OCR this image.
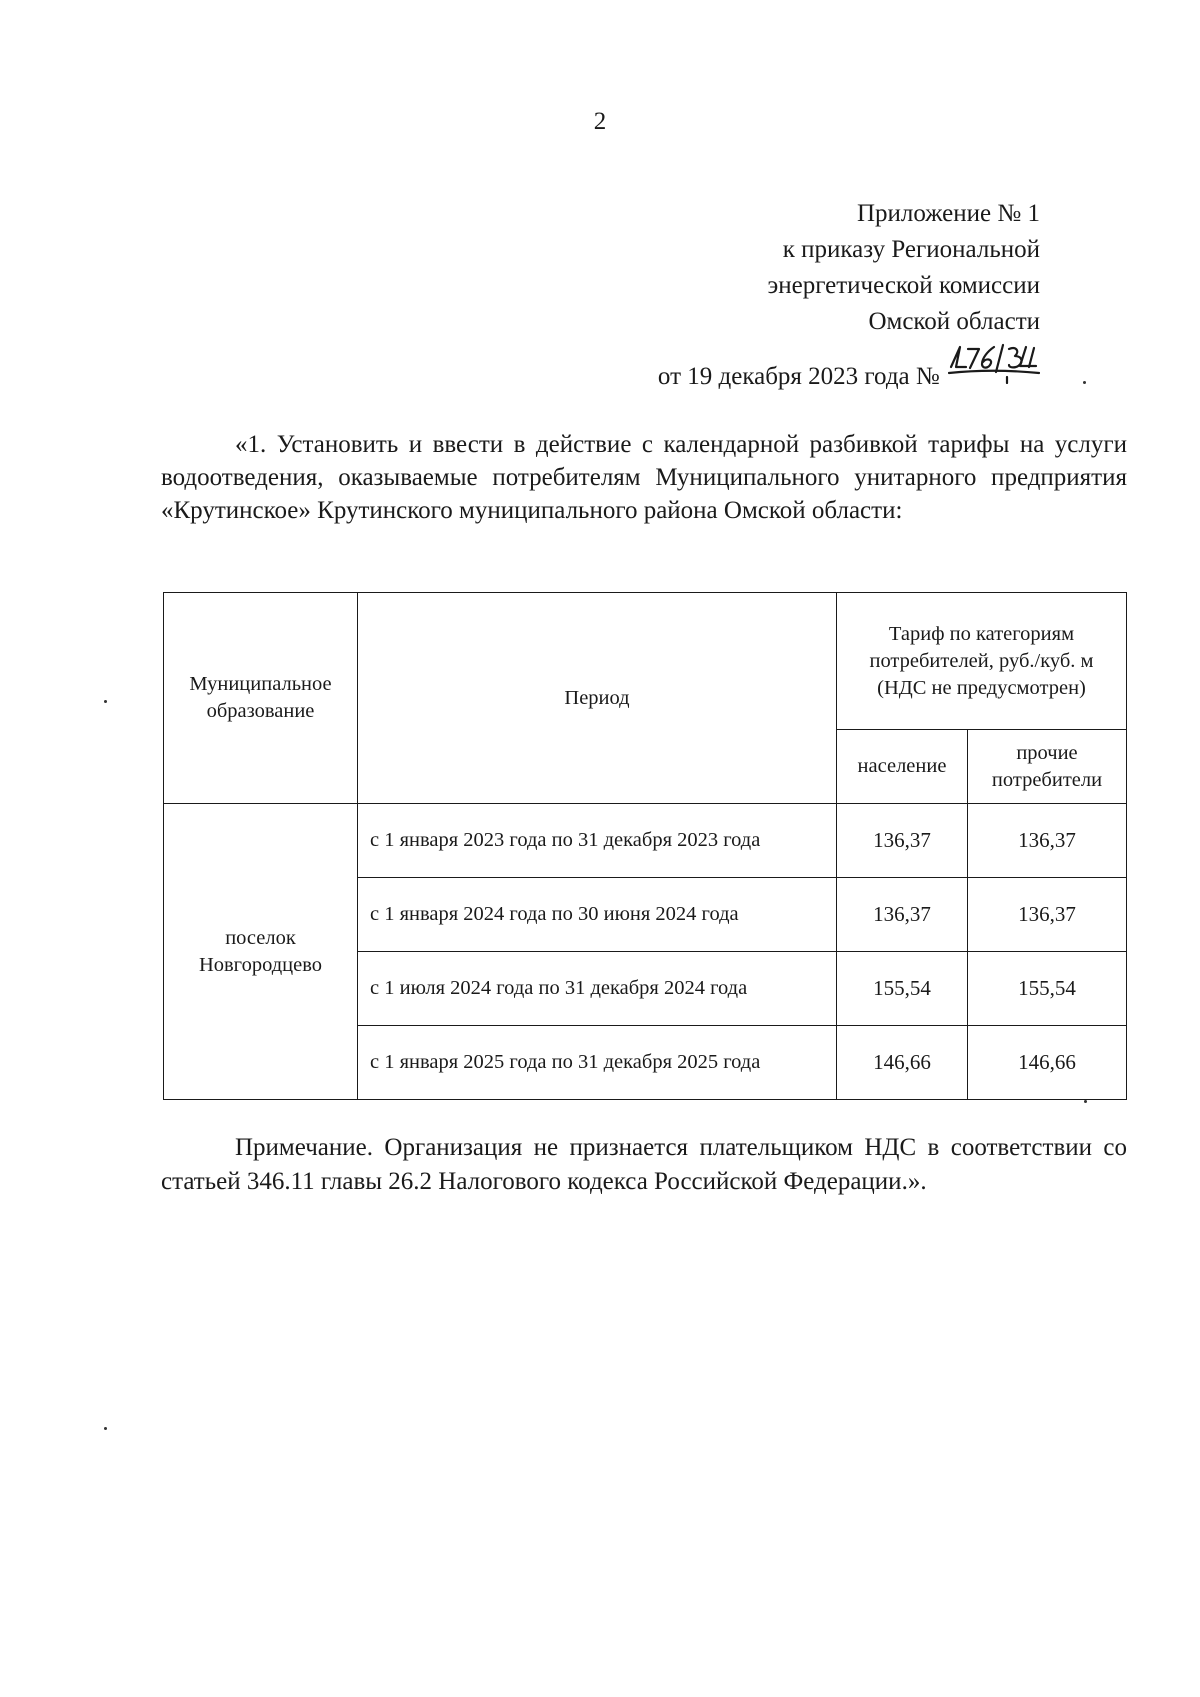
2
Приложение № 1
к приказу Региональной
энергетической комиссии
Омской области
от 19 декабря 2023 года №

«1. Установить и ввести в действие с календарной разбивкой тарифы на услуги водоотведения, оказываемые потребителям Муниципального унитарного предприятия «Крутинское» Крутинского муниципального района Омской области:

Муниципальное образование	Период	Тариф по категориям потребителей, руб./куб. м (НДС не предусмотрен)	
		население	прочие потребители
поселок Новгородцево	с 1 января 2023 года по 31 декабря 2023 года	136,37	136,37
	с 1 января 2024 года по 30 июня 2024 года	136,37	136,37
	с 1 июля 2024 года по 31 декабря 2024 года	155,54	155,54
	с 1 января 2025 года по 31 декабря 2025 года	146,66	146,66

Примечание. Организация не признается плательщиком НДС в соответствии со статьей 346.11 главы 26.2 Налогового кодекса Российской Федерации.».
